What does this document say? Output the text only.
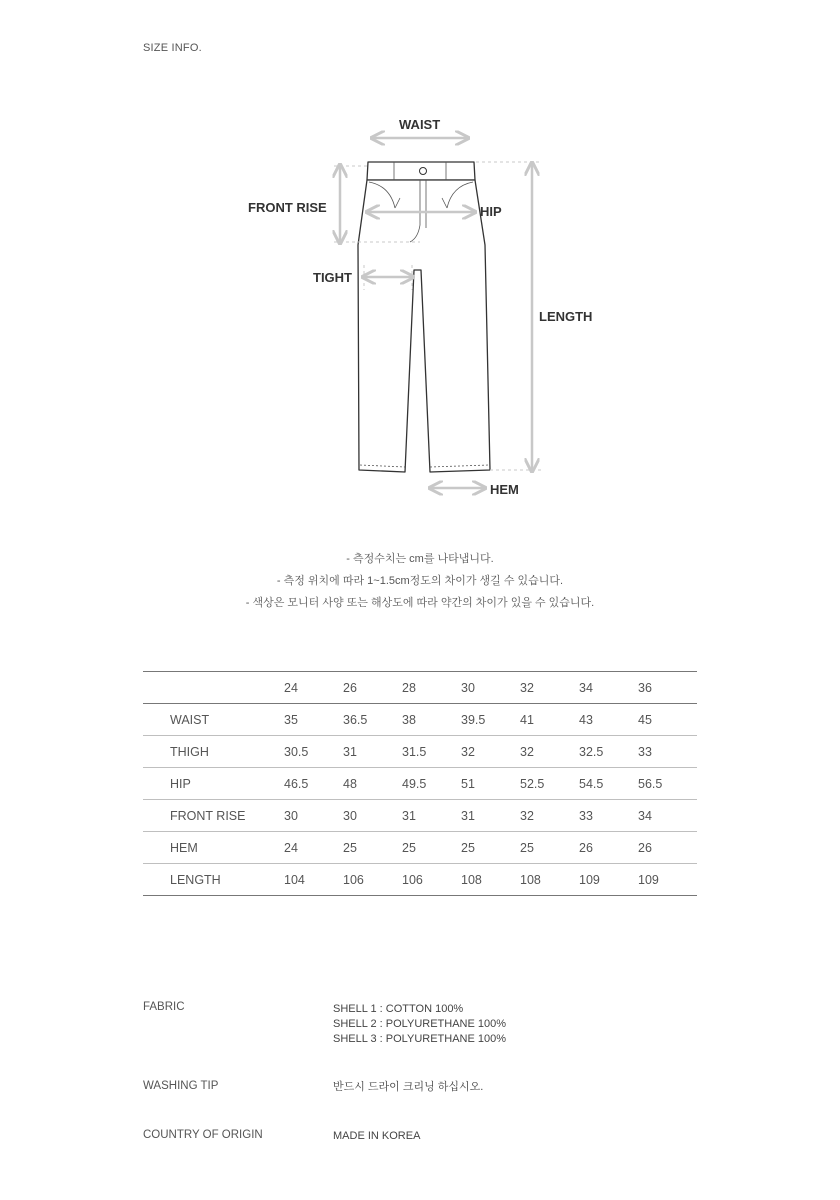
SIZE INFO.
WAIST
FRONT RISE	HIP
TIGHT
LENGTH
HEM
- 측정수치는 cm를 나타냅니다.
- 측정 위치에 따라 1~1.5cm정도의 차이가 생길 수 있습니다.
- 색상은 모니터 사양 또는 해상도에 따라 약간의 차이가 있을 수 있습니다.
	24	26	28	30	32	34	36
WAIST	35	36.5	38	39.5	41	43	45
THIGH	30.5	31	31.5	32	32	32.5	33
HIP	46.5	48	49.5	51	52.5	54.5	56.5
FRONT RISE	30	30	31	31	32	33	34
HEM	24	25	25	25	25	26	26
LENGTH	104	106	106	108	108	109	109
FABRIC	SHELL 1 : COTTON 100%
SHELL 2 : POLYURETHANE 100%
SHELL 3 : POLYURETHANE 100%
WASHING TIP	반드시 드라이 크리닝 하십시오.
COUNTRY OF ORIGIN	MADE IN KOREA
